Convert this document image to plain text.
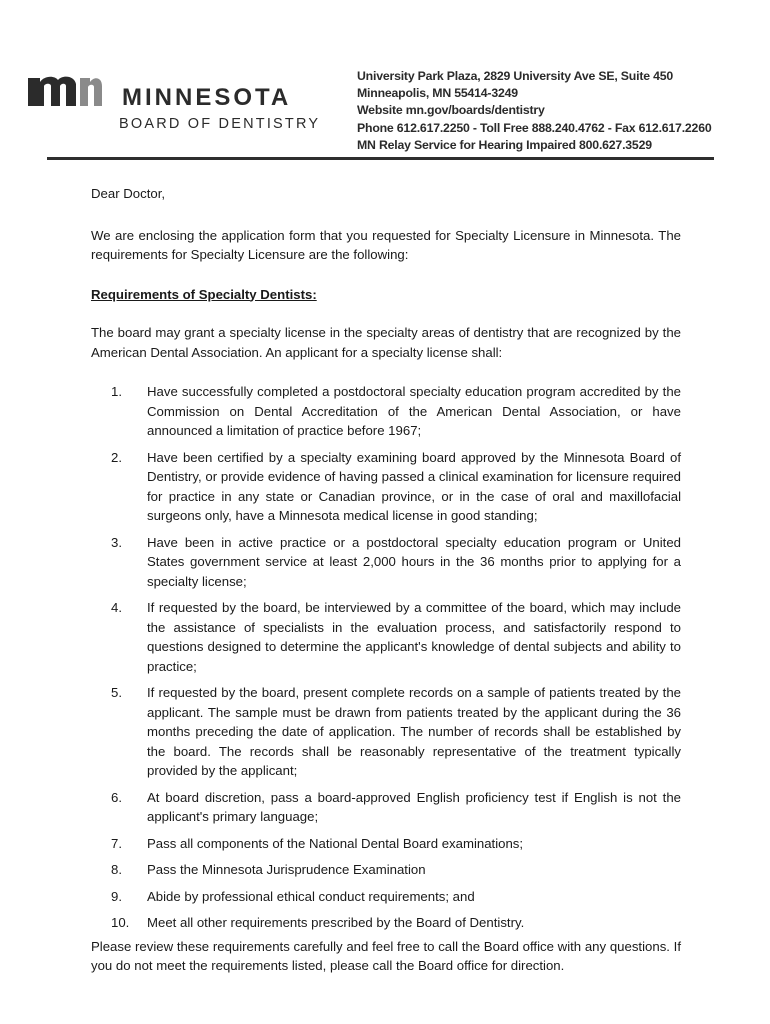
MINNESOTA
BOARD OF DENTISTRY
University Park Plaza, 2829 University Ave SE, Suite 450
Minneapolis, MN 55414-3249
Website mn.gov/boards/dentistry
Phone 612.617.2250 - Toll Free 888.240.4762 - Fax 612.617.2260
MN Relay Service for Hearing Impaired 800.627.3529

Dear Doctor,

We are enclosing the application form that you requested for Specialty Licensure in Minnesota. The requirements for Specialty Licensure are the following:

Requirements of Specialty Dentists:

The board may grant a specialty license in the specialty areas of dentistry that are recognized by the American Dental Association. An applicant for a specialty license shall:

1. Have successfully completed a postdoctoral specialty education program accredited by the Commission on Dental Accreditation of the American Dental Association, or have announced a limitation of practice before 1967;
2. Have been certified by a specialty examining board approved by the Minnesota Board of Dentistry, or provide evidence of having passed a clinical examination for licensure required for practice in any state or Canadian province, or in the case of oral and maxillofacial surgeons only, have a Minnesota medical license in good standing;
3. Have been in active practice or a postdoctoral specialty education program or United States government service at least 2,000 hours in the 36 months prior to applying for a specialty license;
4. If requested by the board, be interviewed by a committee of the board, which may include the assistance of specialists in the evaluation process, and satisfactorily respond to questions designed to determine the applicant's knowledge of dental subjects and ability to practice;
5. If requested by the board, present complete records on a sample of patients treated by the applicant. The sample must be drawn from patients treated by the applicant during the 36 months preceding the date of application. The number of records shall be established by the board. The records shall be reasonably representative of the treatment typically provided by the applicant;
6. At board discretion, pass a board-approved English proficiency test if English is not the applicant's primary language;
7. Pass all components of the National Dental Board examinations;
8. Pass the Minnesota Jurisprudence Examination
9. Abide by professional ethical conduct requirements; and
10. Meet all other requirements prescribed by the Board of Dentistry.

Please review these requirements carefully and feel free to call the Board office with any questions. If you do not meet the requirements listed, please call the Board office for direction.
